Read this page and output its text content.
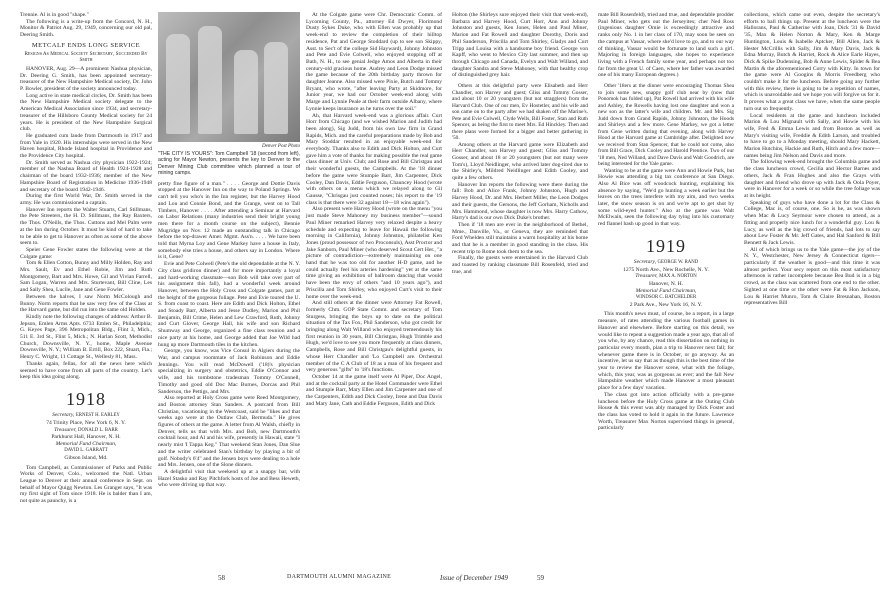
Trennie. Al is in good "shape."

The following is a write-up from the Concord, N. H., Monitor & Patriot Aug. 29, 1949, concerning our old pal, Deering Smith.

METCALF ENDS LONG SERVICE

Resigns As Medical Society Secretary, Succeeded By Smith

HANOVER, Aug. 29—A prominent Nashua physician, Dr. Deering G. Smith, has been appointed secretary-treasurer of the New Hampshire Medical society, Dr. John P. Bowler, president of the society announced today.

Long active in state medical circles, Dr. Smith has been the New Hampshire Medical society delegate to the American Medical Association since 1934, and secretary-treasurer of the Hillsboro County Medical society for 24 years. He is president of the New Hampshire Surgical club.

He graduated cum laude from Dartmouth in 1917 and from Yale in 1920. His internships were served in the New Haven hospital, Rhode Island hospital in Providence and the Providence City hospital.

Dr. Smith served as Nashua city physician 1922-1924; member of the Nashua Board of Health 1924-1928 and chairman of the board 1932-1936; member of the New Hampshire Board of Registration in Medicine 1936-1948 and secretary of the board 1942-1946.

During the first World War, Dr. Smith served in the army. He was commissioned a captain.

Hanover Inn reports the Walter Stuarts, Carl Stillmans, the Pete Streeters, the H. D. Stillmans, the Ray Baxters, the Thos. O'Neills, the Thos. Cuttons and Mel Palm were at the Inn during October. It must be kind of hard to take to be able to get to Hanover as often as some of the above seem to.

Speier Gene Fowler states the following were at the Colgate game:

Tom & Ellen Cotton, Bunny and Milly Holden, Ray and Mrs. Sault, Ev and Ethel Robie, Jim and Ruth Montgomery, Bart and Mrs. Howe, Gil and Vivian Farrell, Sam Logan, Warren and Mrs. Sturtevant, Bill Cline, Les and Sally Shea, Lucile, Jane and Gene Fowler.

Between the halves, I saw Norm McColough and Bunny. Norm reports that he saw very few of the Class at the Harvard game, but did run into the same old Holden.

Kindly note the following changes of address: Arthur B. Jepson, Emlen Arms Apts. 6733 Emlen St., Philadelphia; G. Keyes Page, 396 Metropolitan Bldg., Flint 3, Mich., 511 E. 3rd St., Flint 5, Mich.; N. Harlan Scott, Methodist Church, Downsville, N. Y., home, Maple Avenue Downsville, N. Y.; William B. Errill, Box 222, Stuart, Fla.; Henry C. Wright, 11 Cottage St., Wellesly 81, Mass.

Thanks again, fellas, for all the news here which seemed to have come from all parts of the country. Let's keep this idea going along.

1918

Secretary, ERNEST H. EARLEY

74 Trinity Place, New York 6, N. Y.

Treasurer, DONALD L. BARR

Parkhurst Hall, Hanover, N. H.

Memorial Fund Chairman,

DAVID L. GARRATT

Gibson Island, Md.

Tom Campbell, as Commissioner of Parks and Public Works of Denver, Colo., welcomed the Natl. Urban League to Denver at their annual conference in Sept. on behalf of Mayor Quigg Newton. Les Granger says, "It was my first sight of Tom since 1918. He is balder than I am, not quite as paunchy, is a

Denver Post Photo

"THE CITY IS YOURS": Tom Campbell '18 (second from left), acting for Mayor Newton, presents the key to Denver to the Denver Mining Club committee which planned a tour of mining camps.

pretty fine figure of a man." . . . . George and Dottie Davis stopped at the Hanover Inn on the way to Poland Springs. We can't tell you who's in the Inn register, but the Harvey Hood and Lou and Connie Bond, and the Grange, went on to Tall Timbers, Hanover . . . . After attending a Seminar at Harvard on Labor Relations (many industries send their bright young men there for a month course on the subject), Bennie Mugridge on Nov. 12 made an outstanding talk in Chicago before the top-drawer Amer. Mgmt. Ass'n. . . . . We have been told that Myrna Loy and Gene Markey have a house in Italy, somebody else tries a house, and others say in London. Where is it, Gene?

Evie and Pete Colwell (Pete's the old dependable at the N. Y. City class gridiron dinner) and for more importantly a loyal and hard-working classmate—son Bob will take over part of his assignment this fall), had a wonderful week around Hanover, between the Holy Cross and Colgate games, part at the height of the gorgeous foliage. Pete and Evie toured the U. S. from coast to coast. Here are Edith and Dick Holton, Ethel and Stoady Barr, Alberta and Jesse Dudley, Marion and Phil Benjamin, Bill Crime, Helen and Lew Crawford, Ruth, Johnny and Curt Glover, George Hall, his wife and son Richard Shumway and George, organized a fine class reunion and a nice party at his home, and George added that Joe Wild had hung up more Dartmouth tiles in the kitchen.

George, you know, was Vice Consul in Algiers during the War, and campus roommate of Jack Robinson and Eddie Jennings. You will read McDowell ('18)'s physician specializing in surgery and obstetrics, Eddie O'Connor and wife, and his tombstone tradesman Tommy O'Connell, Timothy and good old Doc Mac Burnes, Dorcas and Phil Sanderson, the Pettigs, and Mrs.

Also reported at Holy Cross game were Reed Montgomery, and Boston attorney Stan Sanders. A postcard from Bill Christian, vacationing in the Westcoast, said he "likes and that weeks ago were at the Outlaw Club, Bermuda." He gives figures of others at the game. A letter from Al Walsh, chiefly in Denver, tells us that with Mrs. and Bob, new Dartmouth's cocktail hour, and Al and his wife, presently in Hawaii, state "I nearly mist 'I Tappa Keg." That weekend Stan Jones, Dan Slue and the writer celebrated Stan's birthday by playing a bit of golf. Nobody's 6'4" and the Jensen boys were dealing to a hole and Mrs. Jensen, one of the Slone dinners.

A delightful visit that weekend up at a snappy bar, with Hazel Stasko and Ray Pitchfork hosts of Joe and Bess Heweth, who were driving up that way.

At the Colgate game were Chr. Democratic Comm. of Lycoming County, Pa., attorney Ed Dwyer, Florimond Dusty Sykes Duke, who with Ellen was probably up that week-end to review the completion of their hilltop residence, Pat and George Stoddard (up to see son Skippy, Asst. to Sec't of the college Sid Hayward), Johnny Johnston and Pete and Evie Colwell, who enjoyed stopping off at Bath, N. H., to see genial Jedge Amos and Alberta in their century-old gracious home. Audrey and Leon Dodge missed the game because of the 20th birthday party thrown for daughter Jeanne. Also missed were Pixie, Butch and Tommy Bryant, who wrote, "after leaving Party at Skidmore, for Junior year, we had our October week-end along with Marge and Lynnie Peale at their farm outside Albany, where Lynnie keeps insurance as he turns over the soil."

Ah, that Harvard week-end was a glorious affair. Curt Horr from Chicago (and we wished Marion and Judith had been along), Sig Judd, from his own law firm in Grand Rapids, Mich. and the careful preparations made by Bob and Mary Stoddar resulted in an enjoyable week-end for everybody. Thanks also to Edith and Dick Holton, and Curt gave him a vote of thanks for making possible the real game class dinner at Univ. Club; and Rose and Bill Christgau and their wonderful guests, the Campbells. At the '18 dinner before the game were Stumpie Barr, Jim Carpenter, Dick Cooley, Dan Davis, Eddie Ferguson, Chauncey Hood (wrote with others on a menu which we relayed along to Gil Gausse, "Chrisgau just counted noses; his report to the '19 class is that there were 32 against 18—18 wins again").

Also present were Harvey Hood (wrote on the menu "you just made Steve Mahoney my business member"—sound Paul Miner remarked Harvey very relaxed despite a heavy schedule and expecting to leave for Hawaii the following morning in California), Johnny Johnston, philatelist Ken Jones (proud possessor of two Proconsuls), Asst Proctor and Jake Sanborn, Paul Miner (who deserved Scout Cert Her., "a picture of contradiction—extremely maintaining on one hand that he was too old for another H-D game, and he could actually feel his arteries hardening" yet at the same time giving an exhibition of ballroom dancing that would have been the envy of others "and 10 years ago"), and Priscilla and Tom Shirley, who enjoyed Curt's visit to their home over the week-end.

And still others at the dinner were Attorney Fat Rowell, formerly Chm. GOP State Comm. and secretary of Tom Sturgess, bringing the boys up to date on the political situation of the Tax Fox, Phil Sanderson, who got credit for bringing along Walt Willand who enjoyed tremendously his first reunion in 30 years, Bill Christgau, Hugh Trimble and Hugh, we'd love to see you more frequently at class dinners, Campbells, Rose and Bill Christgau's delightful guests, in whose Herr Chandler and 'Lo Campbell are. Orchestral member of the C A Club of 18 as a man of his frequent and very generous "gifts" to '18's functions.

October 14 at the game itself were Al Piper, Doc Angel, and at the cocktail party at the Hotel Commander were Ethel and Stumpie Barr, Mary Ellen and Jim Carpenter and one of the Carpenters, Edith and Dick Cooley, Irene and Dan Davis and Mary Jane, Cath and Eddie Ferguson, Edith and Dick

Holton (the Shirleys sure enjoyed their visit that week-end), Barbara and Harvey Hood, Curt Horr, Ann and Johnny Johnston and guests, Ken Jones, Helen and Paul Miner, Marion and Fat Rowell and daughter Dorothy, Doris and Phil Sanderson, Priscilla and Tom Shirley, Gladys and Curt Tripp and Louisa with a handsome boy friend. George von Kapff, who went to Mexico City last summer, and then up through Chicago and Canada, Evelyn and Walt Willand, and daughter Sandra and Steve Mahoney, with that healthy crop of distinguished grey hair.

Others at this delightful party were Elisabeth and Herr Chandler, son Harvey and guest; Gliss and Tommy Gosser, and about 10 or 20 youngsters (but not stragglers) from the Harvard Club. One of our men, Ev Hostetler, and his wife and son came on to the party after we had shaken off the Marine's. Pete and Evie Colwell, Clyde Wells, Bill Foster, Stan and Ruth Spencer, as being the first to meet Mrs. Ed Hinckley. Then and there plans were formed for a bigger and better gathering in '50.

Among others at the Harvard game were Elizabeth and Herr Chandler, son Harvey and guest; Gliss and Tommy Gosser, and about 18 or 20 youngsters (but not many were Tom's), Lloyd Neidlinger, who arrived later dog-tired due to the Shirley's, Mildred Neidlinger and Edith Cooley, and quite a few others.

Hanover Inn reports the following were there during the fall: Bob and Alice Frank, Johnny Johnston, Hugh and Harvey Hood, Dr. and Mrs. Herbert Miller, the Leon Dodges and their guests, the Gersons, the Jeff Gorham, Nicholls and Mrs. Hammond, whose daughter is now Mrs. Harry Cathow, Harry's dad is our own Dick Duke's brother.

Then if '18 men are ever in the neighborhood of Bethel, Mme., Danville, Va., or Geneva, they are reminded that Ford Whelden still maintains a warm hospitality at his home and that he is a member in good standing in the class. His recent trip to Rome took them to the sea.

Finally, the guests were entertained in the Harvard Club and toasted by ranking classmate Bill Rosenfeld, tried and true, and

mate Bill Rosenfeld), tried and true, and dependable prodder Paul Miner, who gets out the Jerseyites; cher Ned Ross (ingenious daughter Omie is exceedingly attractive and ranks only No. 1 in her class of 170, may soon be seen on the campus at Vassar, where she'd love to go, and to our way of thinking, Vassar would be fortunate to land such a girl. Majoring in foreign languages, she hopes to experience living with a French family some year, and perhaps not too far from the great U. of Caen, where her father was awarded one of his many European degrees.)

Other '18ers at the dinner were encouraging Thomas Shea to join some new, snappy golf club near by (now that Ponomok has folded up), Pat Rowell had arrived with his wife and Ashley, the Rowells having lost one daughter and won a new son as the latter's wife and children. Mr. and Mrs. Sig Judd down from Grand Rapids, Johnny Johnston, the Hoods and Shirleys and a few more. Gene Markey, we got a letter from Gene written during that evening, along with Harvey Hood at the Harvard game at Cambridge after. Delighted now we received from Stan Spencer, that he could not come, also from Bill Grace, Dick Cooley and Harold Prentice. Two of our '18 men, Ned Willand, and Dave Davis and Walt Goodrich, are being interested for the Yale game.

Wanting to be at the game were Ann and Howie Park, but Howie was attending a big tax conference at San Diego. Also Al Bice was off woodcock hunting, explaining his absence by saying, "We'd go hunting a week earlier but the leaves on the trees interfere with my aim, and two weeks later, the snow season is on and we're apt to get shot by some wild-eyed hunter." Also at the game was Walt McElwain, seen the following day tying into his customary red flannel hash up good in that way.

1919

Secretary, GEORGE W. RAND

1275 North Ave., New Rochelle, N. Y.

Treasurer, MAX A. NORTON

Hanover, N. H.

Memorial Fund Chairman,

WINDSOR C. BATCHELDER

2 Park Ave., New York 16, N. Y.

This month's news must, of course, be a report, in a large measure, of rates attending the various football games in Hanover and elsewhere. Before starting on this detail, we would like to repeat a suggestion made a year ago, that all of you who, by any chance, read this dissertation on nothing in particular every month, plan a trip to Hanover next fall; for whenever game there is in October, or go anyway. As an incentive, let us say that as though this is the best time of the year to review the Hanover scene, what with the foliage, which, this year, was as gorgeous as ever; and the fall New Hampshire weather which made Hanover a most pleasant place for a few days' vacation.

The class got into action officially with a pre-game luncheon before the Holy Cross game at the Outing Club House & this event was ably managed by Dick Foster and the class has voted to hold it again in the future. Lawrence Worth, Treasurer Max Norton supervised things in general, particularly

collections, which came out even, despite the secretary's efforts to ball things up. Present at the luncheon were the Hallorans, Paul & Catherine with Joan, Dick '31 & David '35, Max & Helen Norton & Mary, Ken & Marge Huntington, Louis & Isabelle Aptcker, Bill Allen, Jack & Hester McCrillis with Sally, Jim & Mary Davis, Jack & Edna Murray, Butch & Harriet, Rock & Alice Earle Hayes, Dick & Spike Dudensing, Bob & Anne Lewis, Spider & Bea Martin & the aforementioned Corry with Kitty. In town for the game were Al Googins & Morris Freedberg who couldn't make it for the luncheon. Before going any further with this review, there is going to be a repetition of names, which is unavoidable and we hope you will forgive us for it. It proves what a great class we have, when the same people turn out so frequently.

Local residents at the game and luncheon included Marion & Lou Mignault with Sally, and Howie with his wife, Fred & Emma Lewis and from Boston as well as Mary's visiting wife, Freddie & Edith Larson, and troubled to have to go to a Monday meeting, should Mary Hackett, Marion Hutchins, Hackie and Ruth, Hitch and a few more—names being Jim Nelson and Davis and more.

The following week-end brought the Columbia game and the class luncheon crowd, Cecilia and Hector Barnes and others, Jack & Fran Hughes and also the Grays with daughter and friend who drove up with Jack & Oola Poyer, were in Hanover for a week or so while the tree foliage was at its height.

Speaking of guys who have done a lot for the Class & College, Mac is, of course, one. So is he, as was shown when Mac & Lucy Seymour were chosen to attend, as a fitting and properly nice lunch for a wonderful guy. Lou & Lucy, as well as the big crowd of friends, had lots to say about Lew Foster & Mr. Jeff Gates, and Hal Sanford & Bill Bennett & Jack Lewis.

All of which brings us to the Yale game—the joy of the N. Y., Westchester, New Jersey & Connecticut tigers—particularly if the weather is good—and this time it was almost perfect. Your secy report on this most satisfactory afternoon is rather incomplete because Bea Bud is in a big crowd, as the class was scattered from one end to the other. Sighted at one time or the other were Fat & Hon Jackson, Lou & Harriet Munro, Tom & Claire Bresnahan, Boston representatives Bill

58	DARTMOUTH ALUMNI MAGAZINE	Issue of December 1949	59
